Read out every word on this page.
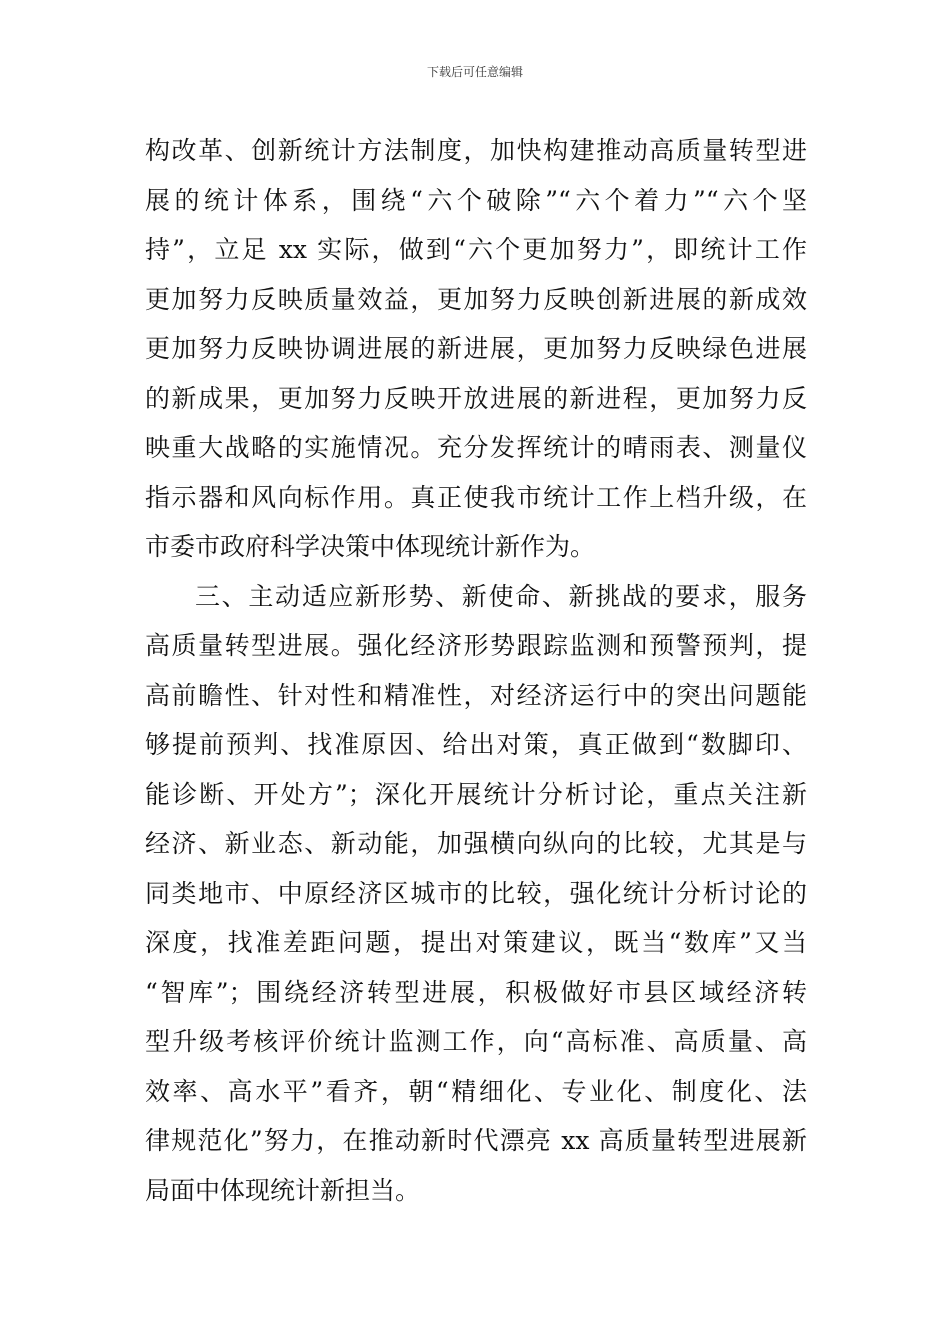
下载后可任意编辑
构改革、创新统计方法制度，加快构建推动高质量转型进
展的统计体系，围绕“六个破除”“六个着力”“六个坚
持”，立足 xx 实际，做到“六个更加努力”，即统计工作
更加努力反映质量效益，更加努力反映创新进展的新成效
更加努力反映协调进展的新进展，更加努力反映绿色进展
的新成果，更加努力反映开放进展的新进程，更加努力反
映重大战略的实施情况。充分发挥统计的晴雨表、测量仪
指示器和风向标作用。真正使我市统计工作上档升级，在
市委市政府科学决策中体现统计新作为。
三、主动适应新形势、新使命、新挑战的要求，服务
高质量转型进展。强化经济形势跟踪监测和预警预判，提
高前瞻性、针对性和精准性，对经济运行中的突出问题能
够提前预判、找准原因、给出对策，真正做到“数脚印、
能诊断、开处方”；深化开展统计分析讨论，重点关注新
经济、新业态、新动能，加强横向纵向的比较，尤其是与
同类地市、中原经济区城市的比较，强化统计分析讨论的
深度，找准差距问题，提出对策建议，既当“数库”又当
“智库”；围绕经济转型进展，积极做好市县区域经济转
型升级考核评价统计监测工作，向“高标准、高质量、高
效率、高水平”看齐，朝“精细化、专业化、制度化、法
律规范化”努力，在推动新时代漂亮 xx 高质量转型进展新
局面中体现统计新担当。
